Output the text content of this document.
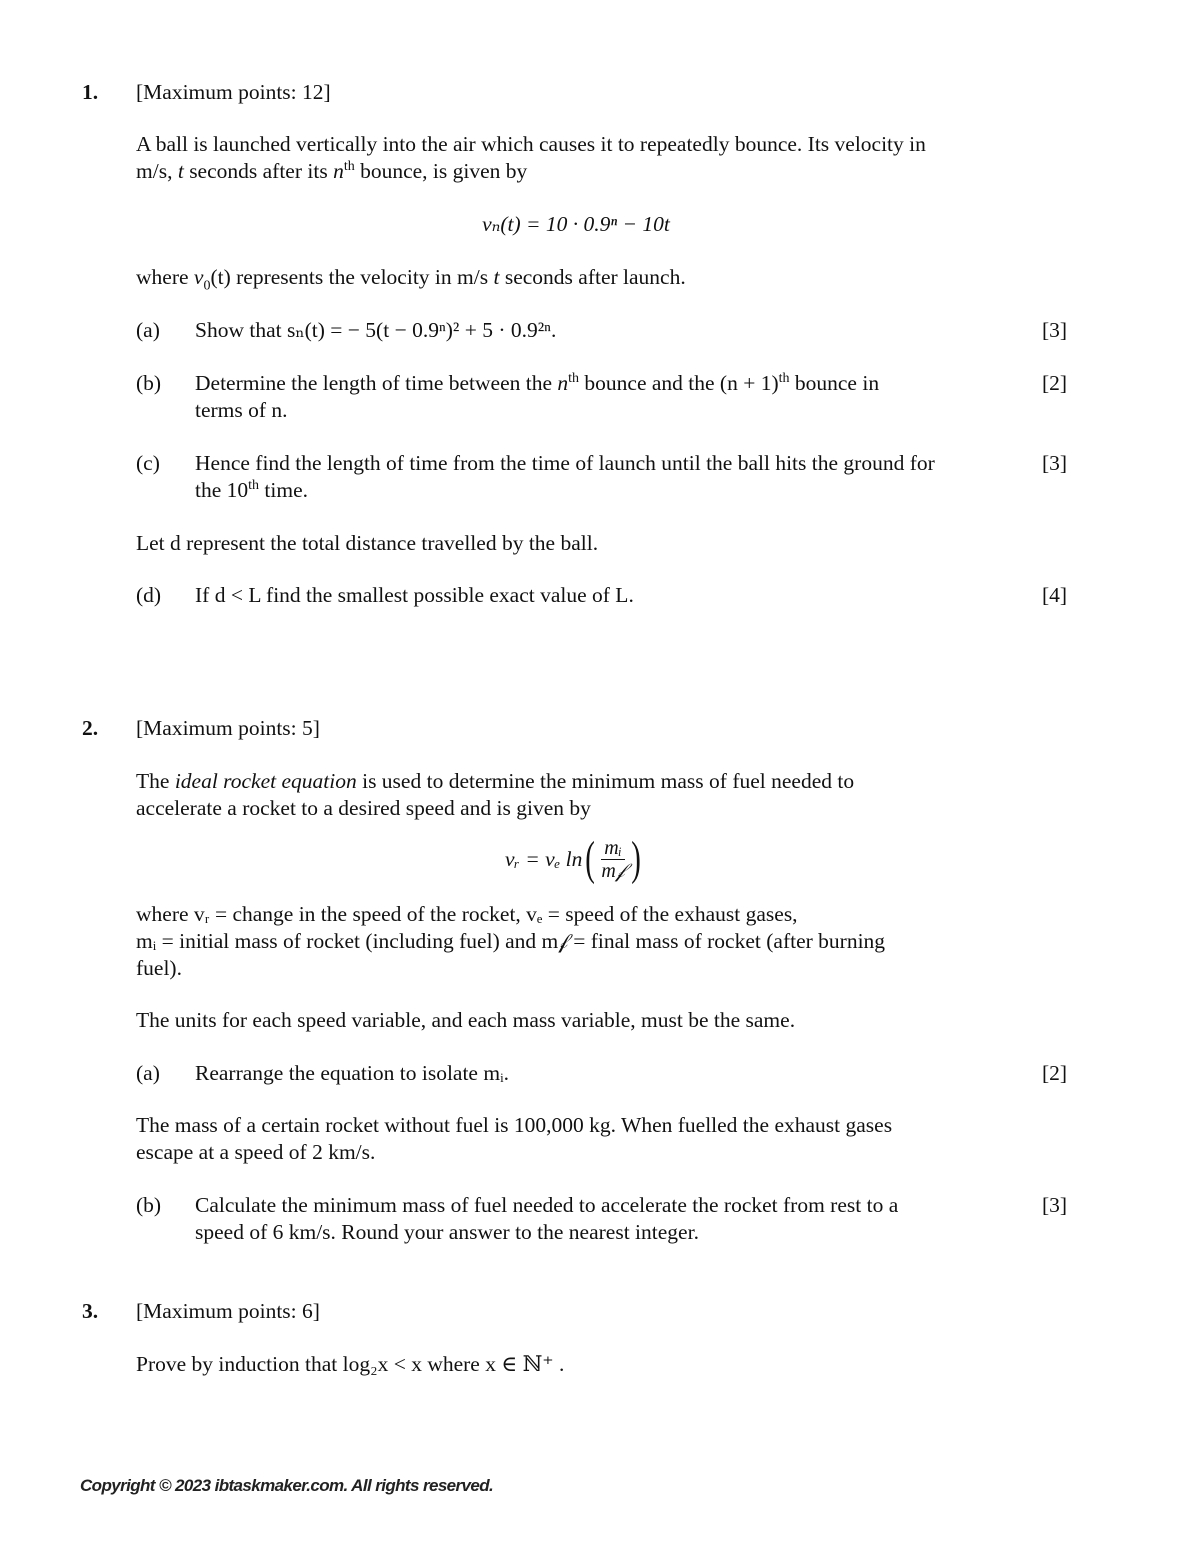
1. [Maximum points: 12]
A ball is launched vertically into the air which causes it to repeatedly bounce. Its velocity in
m/s, t seconds after its $n^{th}$ bounce, is given by
vₙ(t) = 10 · 0.9ⁿ − 10t
where $v_0(t)$ represents the velocity in m/s t seconds after launch.
(a) Show that sₙ(t) = − 5(t − 0.9ⁿ)² + 5 · 0.9²ⁿ.	[3]
(b) Determine the length of time between the $n^{th}$ bounce and the $(n + 1)^{th}$ bounce in
terms of n.
[2]
(c) Hence find the length of time from the time of launch until the ball hits the ground for
the 10th time.
[3]
Let d represent the total distance travelled by the ball.
(d) If d < L find the smallest possible exact value of L.	[4]
2. [Maximum points: 5]
The ideal rocket equation is used to determine the minimum mass of fuel needed to
accelerate a rocket to a desired speed and is given by
vᵣ = vₑ ln ( $\frac{\text{mᵢ}}{\text{m𝒻}}$ )
where vᵣ = change in the speed of the rocket, vₑ = speed of the exhaust gases,
mᵢ = initial mass of rocket (including fuel) and m𝒻 = final mass of rocket (after burning
fuel).
The units for each speed variable, and each mass variable, must be the same.
(a) Rearrange the equation to isolate mᵢ.	[2]
The mass of a certain rocket without fuel is 100,000 kg. When fuelled the exhaust gases
escape at a speed of 2 km/s.
(b) Calculate the minimum mass of fuel needed to accelerate the rocket from rest to a
speed of 6 km/s. Round your answer to the nearest integer.
[3]
3. [Maximum points: 6]
Prove by induction that log₂x < x where x ∈ ℕ⁺ .
Copyright © 2023 ibtaskmaker.com. All rights reserved.
